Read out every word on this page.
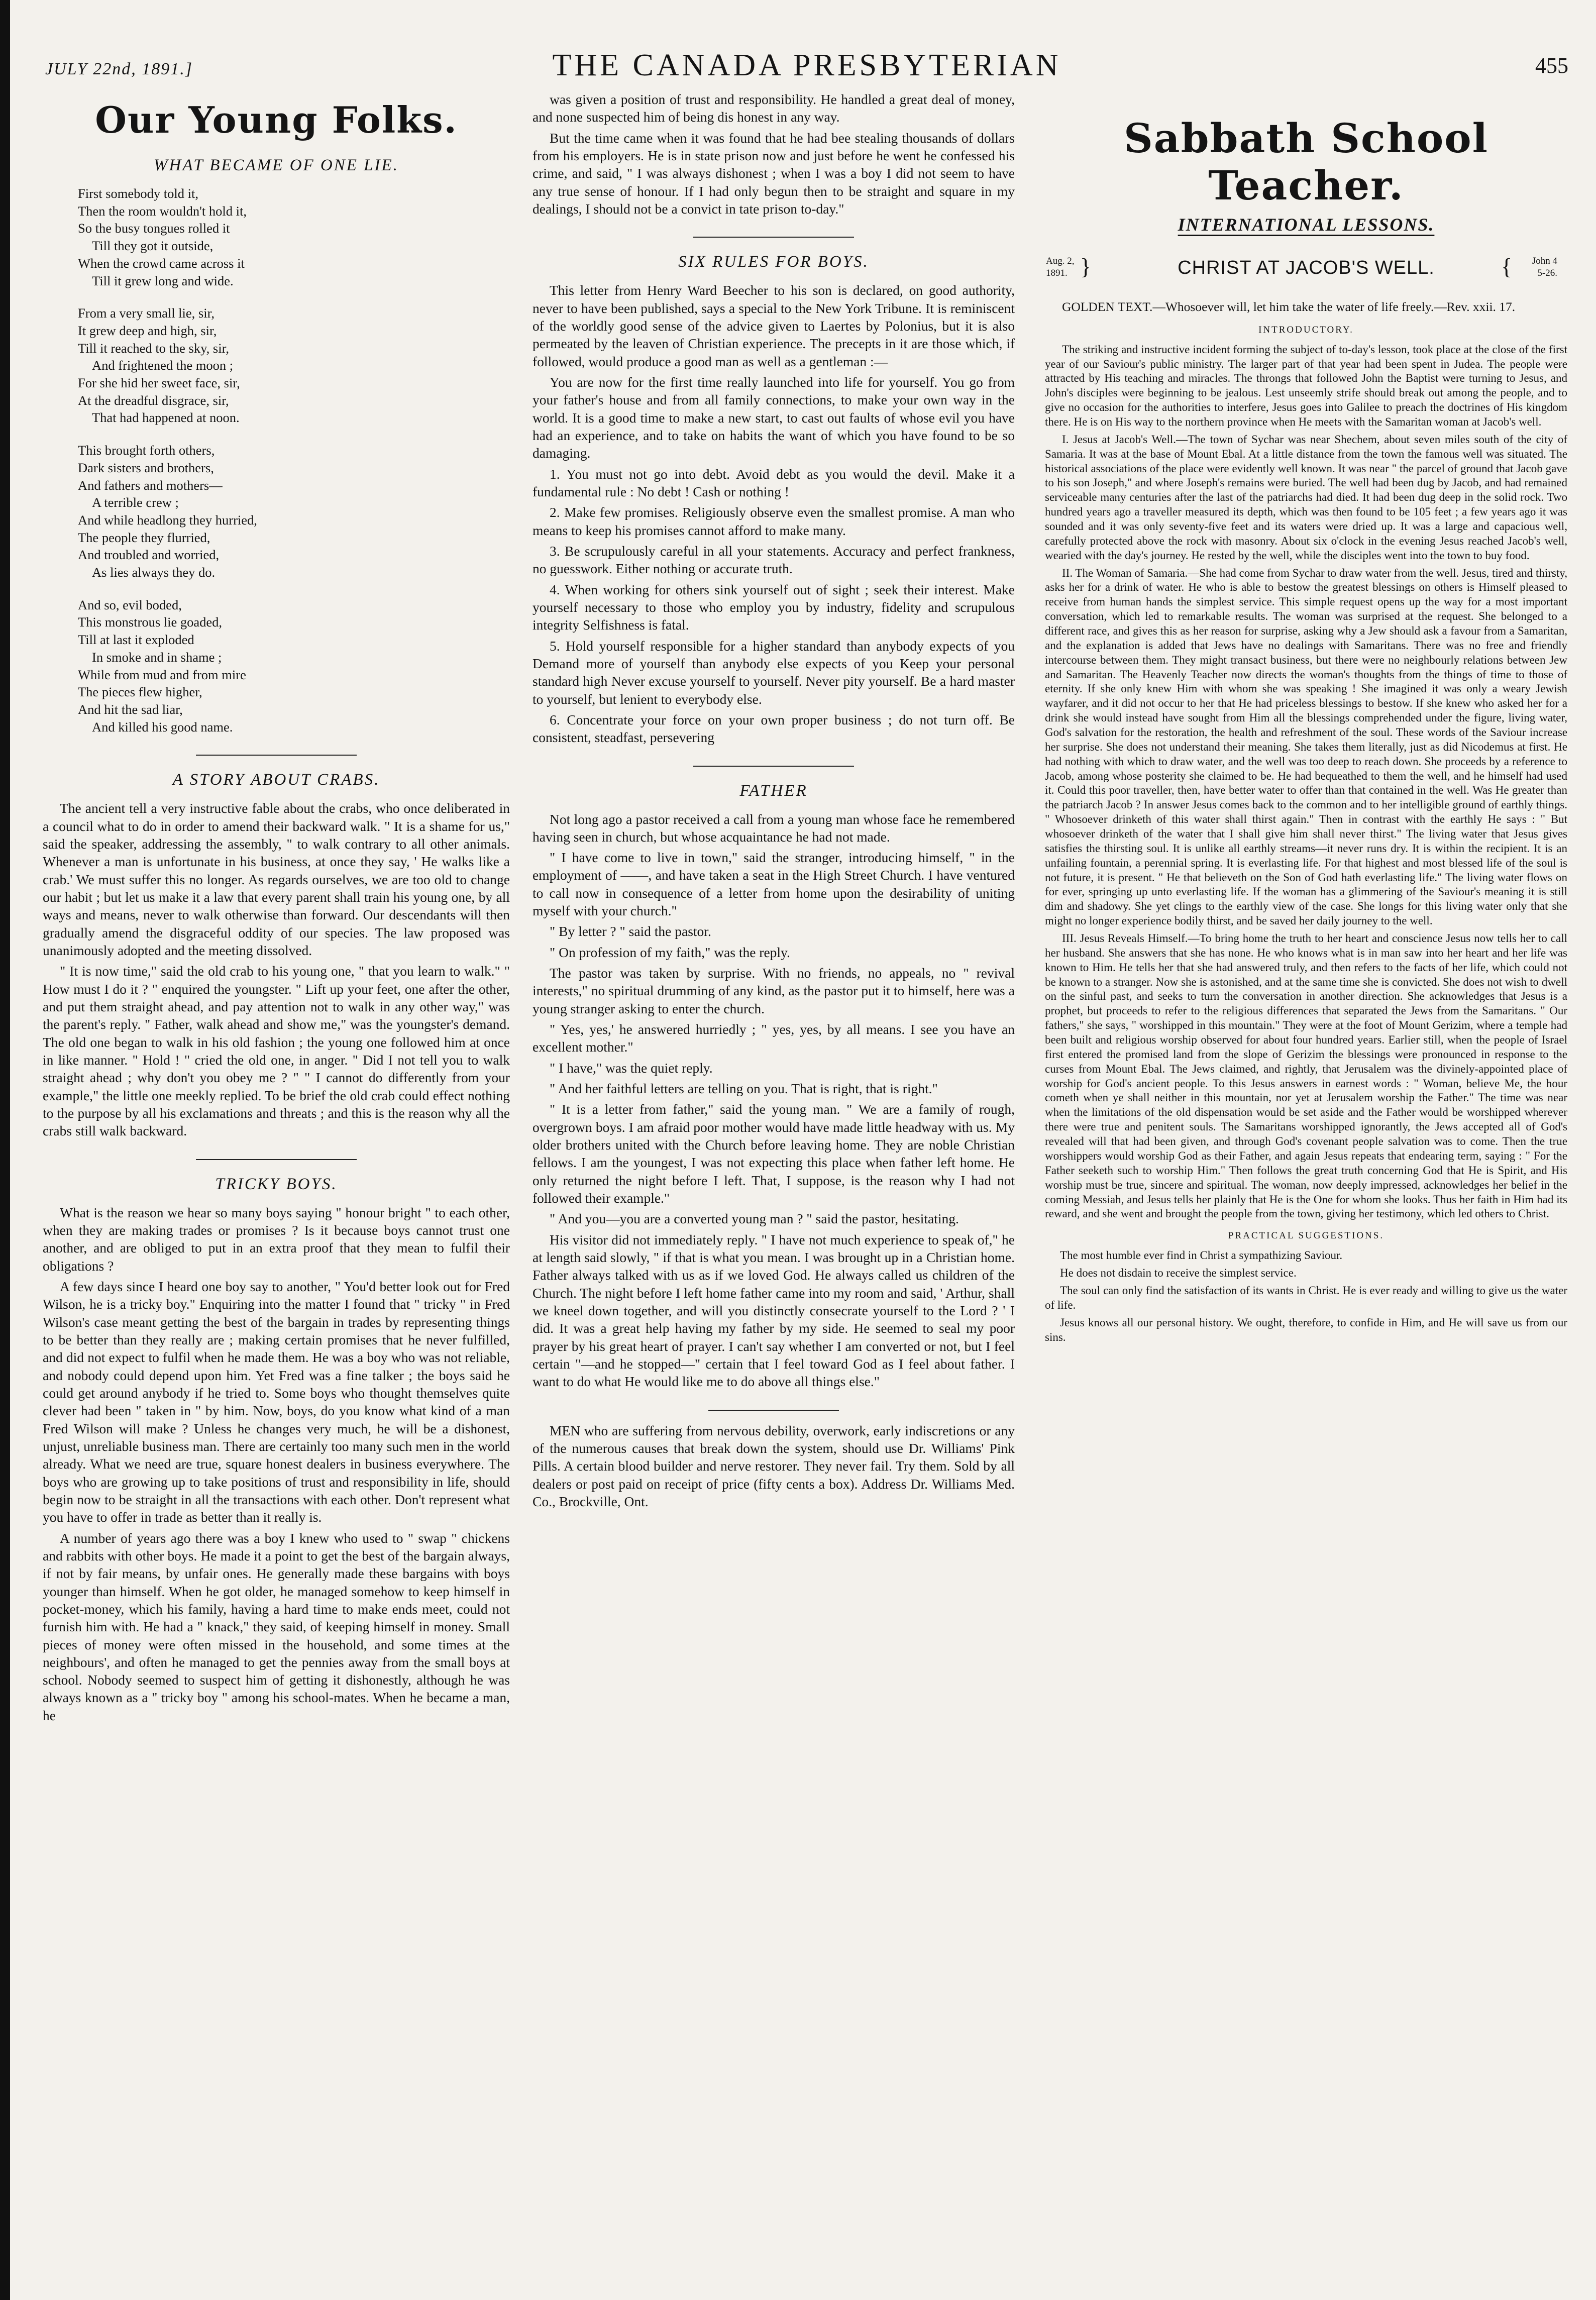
JULY 22nd, 1891.]	THE CANADA PRESBYTERIAN	455
Our Young Folks.
WHAT BECAME OF ONE LIE.
First somebody told it,
Then the room wouldn't hold it,
So the busy tongues rolled it
Till they got it outside,
When the crowd came across it
Till it grew long and wide.
From a very small lie, sir,
It grew deep and high, sir,
Till it reached to the sky, sir,
And frightened the moon ;
For she hid her sweet face, sir,
At the dreadful disgrace, sir,
That had happened at noon.
This brought forth others,
Dark sisters and brothers,
And fathers and mothers—
A terrible crew ;
And while headlong they hurried,
The people they flurried,
And troubled and worried,
As lies always they do.
And so, evil boded,
This monstrous lie goaded,
Till at last it exploded
In smoke and in shame ;
While from mud and from mire
The pieces flew higher,
And hit the sad liar,
And killed his good name.
A STORY ABOUT CRABS.

The ancient tell a very instructive fable about the crabs, who once deliberated in a council what to do in order to amend their backward walk. " It is a shame for us," said the speaker, addressing the assembly, " to walk contrary to all other animals. Whenever a man is unfortunate in his business, at once they say, ' He walks like a crab.' We must suffer this no longer. As regards ourselves, we are too old to change our habit ; but let us make it a law that every parent shall train his young one, by all ways and means, never to walk otherwise than forward. Our descendants will then gradually amend the disgraceful oddity of our species. The law proposed was unanimously adopted and the meeting dissolved.

" It is now time," said the old crab to his young one, " that you learn to walk." " How must I do it ? " enquired the youngster. " Lift up your feet, one after the other, and put them straight ahead, and pay attention not to walk in any other way," was the parent's reply. " Father, walk ahead and show me," was the youngster's demand. The old one began to walk in his old fashion ; the young one followed him at once in like manner. " Hold ! " cried the old one, in anger. " Did I not tell you to walk straight ahead ; why don't you obey me ? " " I cannot do differently from your example," the little one meekly replied. To be brief the old crab could effect nothing to the purpose by all his exclamations and threats ; and this is the reason why all the crabs still walk backward.

TRICKY BOYS.

What is the reason we hear so many boys saying " honour bright " to each other, when they are making trades or promises ? Is it because boys cannot trust one another, and are obliged to put in an extra proof that they mean to fulfil their obligations ?

A few days since I heard one boy say to another, " You'd better look out for Fred Wilson, he is a tricky boy." Enquiring into the matter I found that " tricky " in Fred Wilson's case meant getting the best of the bargain in trades by representing things to be better than they really are ; making certain promises that he never fulfilled, and did not expect to fulfil when he made them. He was a boy who was not reliable, and nobody could depend upon him. Yet Fred was a fine talker ; the boys said he could get around anybody if he tried to. Some boys who thought themselves quite clever had been " taken in " by him. Now, boys, do you know what kind of a man Fred Wilson will make ? Unless he changes very much, he will be a dishonest, unjust, unreliable business man. There are certainly too many such men in the world already. What we need are true, square honest dealers in business everywhere. The boys who are growing up to take positions of trust and responsibility in life, should begin now to be straight in all the transactions with each other. Don't represent what you have to offer in trade as better than it really is.

A number of years ago there was a boy I knew who used to " swap " chickens and rabbits with other boys. He made it a point to get the best of the bargain always, if not by fair means, by unfair ones. He generally made these bargains with boys younger than himself. When he got older, he managed somehow to keep himself in pocket-money, which his family, having a hard time to make ends meet, could not furnish him with. He had a " knack," they said, of keeping himself in money. Small pieces of money were often missed in the household, and some times at the neighbours', and often he managed to get the pennies away from the small boys at school. Nobody seemed to suspect him of getting it dishonestly, although he was always known as a " tricky boy " among his school-mates. When he became a man, he

was given a position of trust and responsibility. He handled a great deal of money, and none suspected him of being dis honest in any way.

But the time came when it was found that he had bee stealing thousands of dollars from his employers. He is in state prison now and just before he went he confessed his crime, and said, " I was always dishonest ; when I was a boy I did not seem to have any true sense of honour. If I had only begun then to be straight and square in my dealings, I should not be a convict in tate prison to-day."

SIX RULES FOR BOYS.

This letter from Henry Ward Beecher to his son is declared, on good authority, never to have been published, says a special to the New York Tribune. It is reminiscent of the worldly good sense of the advice given to Laertes by Polonius, but it is also permeated by the leaven of Christian experience. The precepts in it are those which, if followed, would produce a good man as well as a gentleman :—

You are now for the first time really launched into life for yourself. You go from your father's house and from all family connections, to make your own way in the world. It is a good time to make a new start, to cast out faults of whose evil you have had an experience, and to take on habits the want of which you have found to be so damaging.

1. You must not go into debt. Avoid debt as you would the devil. Make it a fundamental rule : No debt ! Cash or nothing !

2. Make few promises. Religiously observe even the smallest promise. A man who means to keep his promises cannot afford to make many.

3. Be scrupulously careful in all your statements. Accuracy and perfect frankness, no guesswork. Either nothing or accurate truth.

4. When working for others sink yourself out of sight ; seek their interest. Make yourself necessary to those who employ you by industry, fidelity and scrupulous integrity Selfishness is fatal.

5. Hold yourself responsible for a higher standard than anybody expects of you Demand more of yourself than anybody else expects of you Keep your personal standard high Never excuse yourself to yourself. Never pity yourself. Be a hard master to yourself, but lenient to everybody else.

6. Concentrate your force on your own proper business ; do not turn off. Be consistent, steadfast, persevering

FATHER

Not long ago a pastor received a call from a young man whose face he remembered having seen in church, but whose acquaintance he had not made.

" I have come to live in town," said the stranger, introducing himself, " in the employment of ——, and have taken a seat in the High Street Church. I have ventured to call now in consequence of a letter from home upon the desirability of uniting myself with your church."

" By letter ? " said the pastor.

" On profession of my faith," was the reply.

The pastor was taken by surprise. With no friends, no appeals, no " revival interests," no spiritual drumming of any kind, as the pastor put it to himself, here was a young stranger asking to enter the church.

" Yes, yes,' he answered hurriedly ; " yes, yes, by all means. I see you have an excellent mother."

" I have," was the quiet reply.

" And her faithful letters are telling on you. That is right, that is right."

" It is a letter from father," said the young man. " We are a family of rough, overgrown boys. I am afraid poor mother would have made little headway with us. My older brothers united with the Church before leaving home. They are noble Christian fellows. I am the youngest, I was not expecting this place when father left home. He only returned the night before I left. That, I suppose, is the reason why I had not followed their example."

" And you—you are a converted young man ? " said the pastor, hesitating.

His visitor did not immediately reply. " I have not much experience to speak of," he at length said slowly, " if that is what you mean. I was brought up in a Christian home. Father always talked with us as if we loved God. He always called us children of the Church. The night before I left home father came into my room and said, ' Arthur, shall we kneel down together, and will you distinctly consecrate yourself to the Lord ? ' I did. It was a great help having my father by my side. He seemed to seal my poor prayer by his great heart of prayer. I can't say whether I am converted or not, but I feel certain "—and he stopped—" certain that I feel toward God as I feel about father. I want to do what He would like me to do above all things else."

MEN who are suffering from nervous debility, overwork, early indiscretions or any of the numerous causes that break down the system, should use Dr. Williams' Pink Pills. A certain blood builder and nerve restorer. They never fail. Try them. Sold by all dealers or post paid on receipt of price (fifty cents a box). Address Dr. Williams Med. Co., Brockville, Ont.

Sabbath School Teacher.
INTERNATIONAL LESSONS.
Aug. 2,
1891. }	CHRIST AT JACOB'S WELL.	{ John 4
5-26.

GOLDEN TEXT.—Whosoever will, let him take the water of life freely.—Rev. xxii. 17.

INTRODUCTORY.

The striking and instructive incident forming the subject of to-day's lesson, took place at the close of the first year of our Saviour's public ministry. The larger part of that year had been spent in Judea. The people were attracted by His teaching and miracles. The throngs that followed John the Baptist were turning to Jesus, and John's disciples were beginning to be jealous. Lest unseemly strife should break out among the people, and to give no occasion for the authorities to interfere, Jesus goes into Galilee to preach the doctrines of His kingdom there. He is on His way to the northern province when He meets with the Samaritan woman at Jacob's well.

I. Jesus at Jacob's Well.—The town of Sychar was near Shechem, about seven miles south of the city of Samaria. It was at the base of Mount Ebal. At a little distance from the town the famous well was situated. The historical associations of the place were evidently well known. It was near " the parcel of ground that Jacob gave to his son Joseph," and where Joseph's remains were buried. The well had been dug by Jacob, and had remained serviceable many centuries after the last of the patriarchs had died. It had been dug deep in the solid rock. Two hundred years ago a traveller measured its depth, which was then found to be 105 feet ; a few years ago it was sounded and it was only seventy-five feet and its waters were dried up. It was a large and capacious well, carefully protected above the rock with masonry. About six o'clock in the evening Jesus reached Jacob's well, wearied with the day's journey. He rested by the well, while the disciples went into the town to buy food.

II. The Woman of Samaria.—She had come from Sychar to draw water from the well. Jesus, tired and thirsty, asks her for a drink of water. He who is able to bestow the greatest blessings on others is Himself pleased to receive from human hands the simplest service. This simple request opens up the way for a most important conversation, which led to remarkable results. The woman was surprised at the request. She belonged to a different race, and gives this as her reason for surprise, asking why a Jew should ask a favour from a Samaritan, and the explanation is added that Jews have no dealings with Samaritans. There was no free and friendly intercourse between them. They might transact business, but there were no neighbourly relations between Jew and Samaritan. The Heavenly Teacher now directs the woman's thoughts from the things of time to those of eternity. If she only knew Him with whom she was speaking ! She imagined it was only a weary Jewish wayfarer, and it did not occur to her that He had priceless blessings to bestow. If she knew who asked her for a drink she would instead have sought from Him all the blessings comprehended under the figure, living water, God's salvation for the restoration, the health and refreshment of the soul. These words of the Saviour increase her surprise. She does not understand their meaning. She takes them literally, just as did Nicodemus at first. He had nothing with which to draw water, and the well was too deep to reach down. She proceeds by a reference to Jacob, among whose posterity she claimed to be. He had bequeathed to them the well, and he himself had used it. Could this poor traveller, then, have better water to offer than that contained in the well. Was He greater than the patriarch Jacob ? In answer Jesus comes back to the common and to her intelligible ground of earthly things. " Whosoever drinketh of this water shall thirst again." Then in contrast with the earthly He says : " But whosoever drinketh of the water that I shall give him shall never thirst." The living water that Jesus gives satisfies the thirsting soul. It is unlike all earthly streams—it never runs dry. It is within the recipient. It is an unfailing fountain, a perennial spring. It is everlasting life. For that highest and most blessed life of the soul is not future, it is present. " He that believeth on the Son of God hath everlasting life." The living water flows on for ever, springing up unto everlasting life. If the woman has a glimmering of the Saviour's meaning it is still dim and shadowy. She yet clings to the earthly view of the case. She longs for this living water only that she might no longer experience bodily thirst, and be saved her daily journey to the well.

III. Jesus Reveals Himself.—To bring home the truth to her heart and conscience Jesus now tells her to call her husband. She answers that she has none. He who knows what is in man saw into her heart and her life was known to Him. He tells her that she had answered truly, and then refers to the facts of her life, which could not be known to a stranger. Now she is astonished, and at the same time she is convicted. She does not wish to dwell on the sinful past, and seeks to turn the conversation in another direction. She acknowledges that Jesus is a prophet, but proceeds to refer to the religious differences that separated the Jews from the Samaritans. " Our fathers," she says, " worshipped in this mountain." They were at the foot of Mount Gerizim, where a temple had been built and religious worship observed for about four hundred years. Earlier still, when the people of Israel first entered the promised land from the slope of Gerizim the blessings were pronounced in response to the curses from Mount Ebal. The Jews claimed, and rightly, that Jerusalem was the divinely-appointed place of worship for God's ancient people. To this Jesus answers in earnest words : " Woman, believe Me, the hour cometh when ye shall neither in this mountain, nor yet at Jerusalem worship the Father." The time was near when the limitations of the old dispensation would be set aside and the Father would be worshipped wherever there were true and penitent souls. The Samaritans worshipped ignorantly, the Jews accepted all of God's revealed will that had been given, and through God's covenant people salvation was to come. Then the true worshippers would worship God as their Father, and again Jesus repeats that endearing term, saying : " For the Father seeketh such to worship Him." Then follows the great truth concerning God that He is Spirit, and His worship must be true, sincere and spiritual. The woman, now deeply impressed, acknowledges her belief in the coming Messiah, and Jesus tells her plainly that He is the One for whom she looks. Thus her faith in Him had its reward, and she went and brought the people from the town, giving her testimony, which led others to Christ.

PRACTICAL SUGGESTIONS.

The most humble ever find in Christ a sympathizing Saviour.

He does not disdain to receive the simplest service.

The soul can only find the satisfaction of its wants in Christ. He is ever ready and willing to give us the water of life.

Jesus knows all our personal history. We ought, therefore, to confide in Him, and He will save us from our sins.
